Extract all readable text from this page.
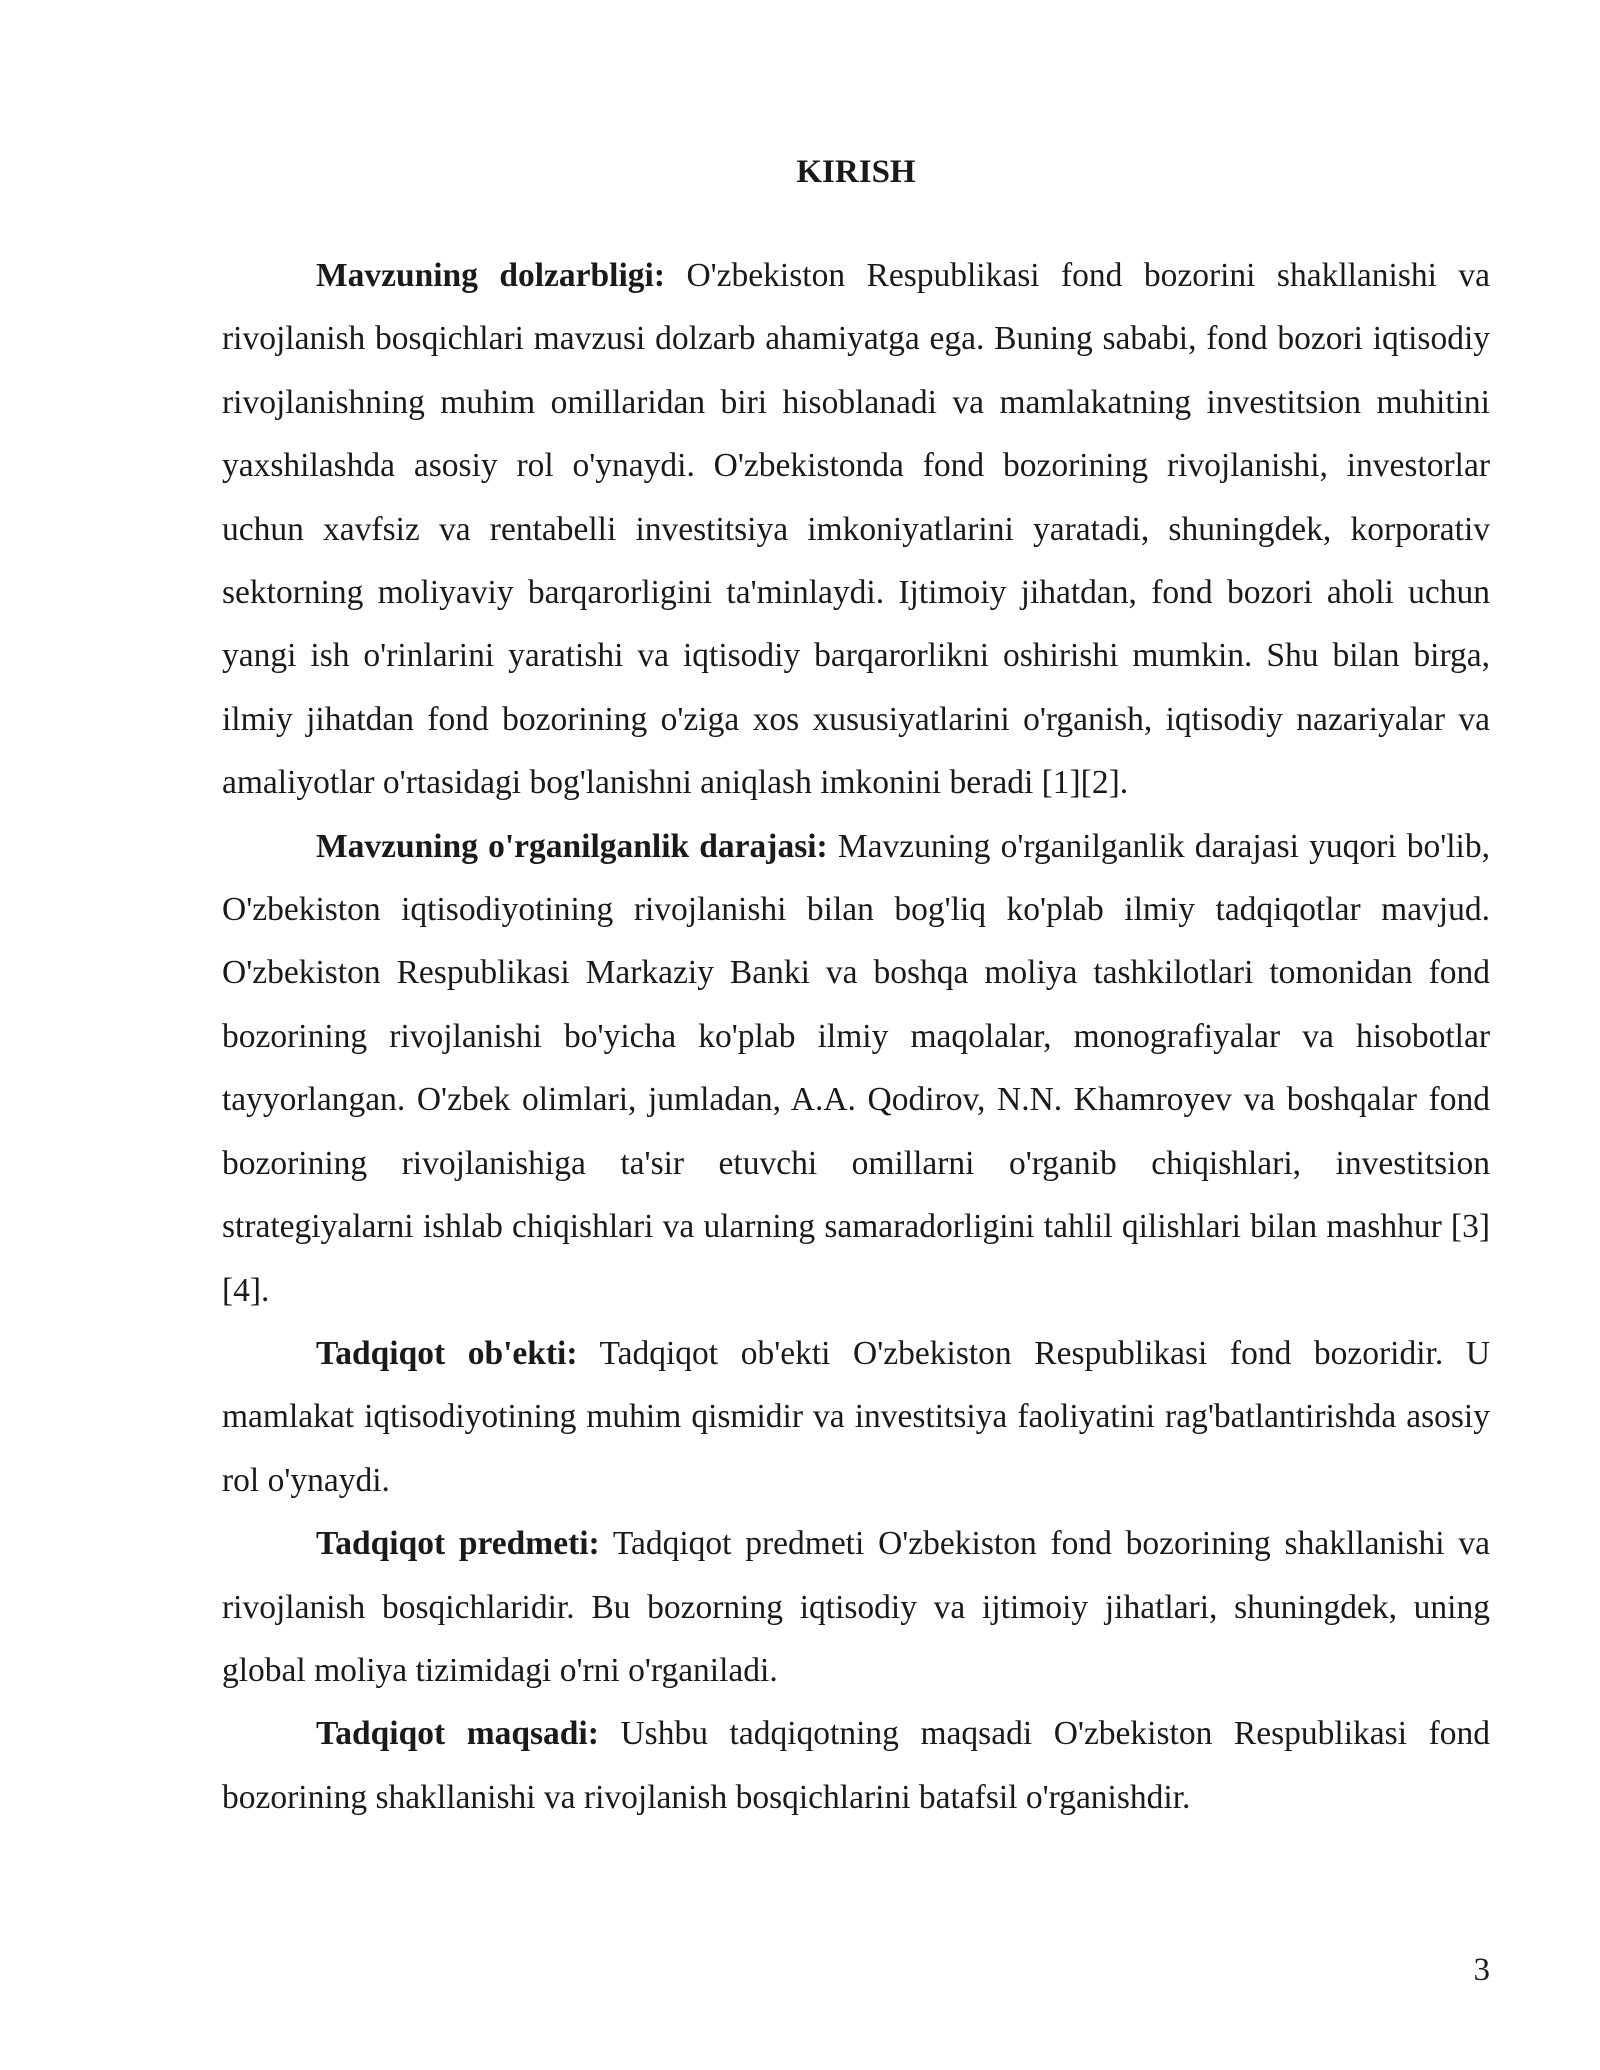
KIRISH

Mavzuning dolzarbligi: O'zbekiston Respublikasi fond bozorini shakllanishi va rivojlanish bosqichlari mavzusi dolzarb ahamiyatga ega. Buning sababi, fond bozori iqtisodiy rivojlanishning muhim omillaridan biri hisoblanadi va mamlakatning investitsion muhitini yaxshilashda asosiy rol o'ynaydi. O'zbekistonda fond bozorining rivojlanishi, investorlar uchun xavfsiz va rentabelli investitsiya imkoniyatlarini yaratadi, shuningdek, korporativ sektorning moliyaviy barqarorligini ta'minlaydi. Ijtimoiy jihatdan, fond bozori aholi uchun yangi ish o'rinlarini yaratishi va iqtisodiy barqarorlikni oshirishi mumkin. Shu bilan birga, ilmiy jihatdan fond bozorining o'ziga xos xususiyatlarini o'rganish, iqtisodiy nazariyalar va amaliyotlar o'rtasidagi bog'lanishni aniqlash imkonini beradi [1][2].

Mavzuning o'rganilganlik darajasi: Mavzuning o'rganilganlik darajasi yuqori bo'lib, O'zbekiston iqtisodiyotining rivojlanishi bilan bog'liq ko'plab ilmiy tadqiqotlar mavjud. O'zbekiston Respublikasi Markaziy Banki va boshqa moliya tashkilotlari tomonidan fond bozorining rivojlanishi bo'yicha ko'plab ilmiy maqolalar, monografiyalar va hisobotlar tayyorlangan. O'zbek olimlari, jumladan, A.A. Qodirov, N.N. Khamroyev va boshqalar fond bozorining rivojlanishiga ta'sir etuvchi omillarni o'rganib chiqishlari, investitsion strategiyalarni ishlab chiqishlari va ularning samaradorligini tahlil qilishlari bilan mashhur [3][4].

Tadqiqot ob'ekti: Tadqiqot ob'ekti O'zbekiston Respublikasi fond bozoridir. U mamlakat iqtisodiyotining muhim qismidir va investitsiya faoliyatini rag'batlantirishda asosiy rol o'ynaydi.

Tadqiqot predmeti: Tadqiqot predmeti O'zbekiston fond bozorining shakllanishi va rivojlanish bosqichlaridir. Bu bozorning iqtisodiy va ijtimoiy jihatlari, shuningdek, uning global moliya tizimidagi o'rni o'rganiladi.

Tadqiqot maqsadi: Ushbu tadqiqotning maqsadi O'zbekiston Respublikasi fond bozorining shakllanishi va rivojlanish bosqichlarini batafsil o'rganishdir.

3
